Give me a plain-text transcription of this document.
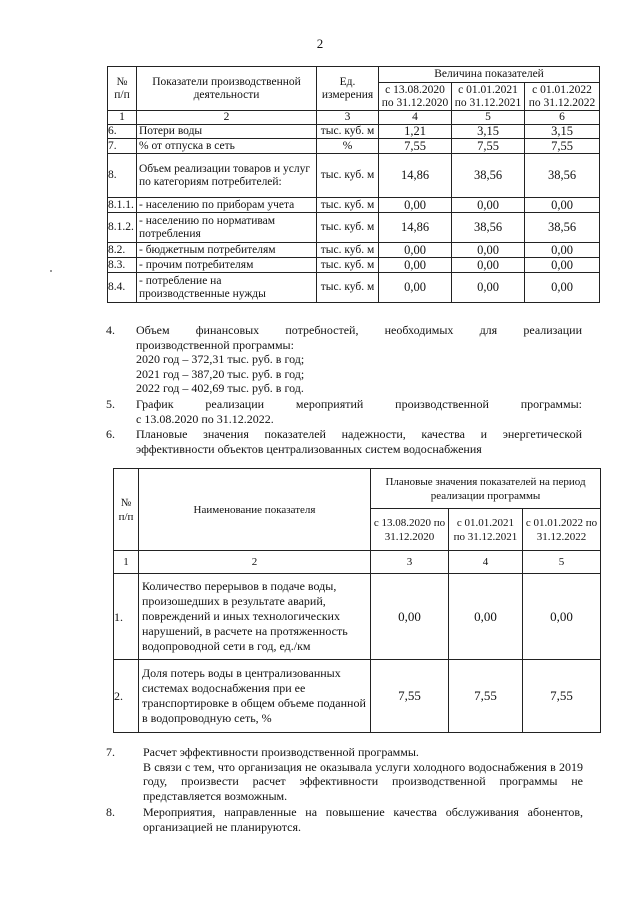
2
№
п/п	Показатели производственной деятельности	Ед. измерения	Величина показателей		
			с 13.08.2020 по 31.12.2020	с 01.01.2021 по 31.12.2021	с 01.01.2022 по 31.12.2022
1	2	3	4	5	6
6.	Потери воды	тыс. куб. м	1,21	3,15	3,15
7.	% от отпуска в сеть	%	7,55	7,55	7,55
8.	Объем реализации товаров и услуг по категориям потребителей:	тыс. куб. м	14,86	38,56	38,56
8.1.1.	- населению по приборам учета	тыс. куб. м	0,00	0,00	0,00
8.1.2.	- населению по нормативам потребления	тыс. куб. м	14,86	38,56	38,56
8.2.	- бюджетным потребителям	тыс. куб. м	0,00	0,00	0,00
8.3.	- прочим потребителям	тыс. куб. м	0,00	0,00	0,00
8.4.	- потребление на производственные нужды	тыс. куб. м	0,00	0,00	0,00
4. Объем финансовых потребностей, необходимых для реализации
производственной программы:
2020 год – 372,31 тыс. руб. в год;
2021 год – 387,20 тыс. руб. в год;
2022 год – 402,69 тыс. руб. в год.
5. График реализации мероприятий производственной программы:
с 13.08.2020 по 31.12.2022.
6. Плановые значения показателей надежности, качества и энергетической
эффективности объектов централизованных систем водоснабжения
№
п/п	Наименование показателя	Плановые значения показателей на период реализации программы		
		с 13.08.2020 по 31.12.2020	с 01.01.2021 по 31.12.2021	с 01.01.2022 по 31.12.2022
1	2	3	4	5
1.	Количество перерывов в подаче воды, произошедших в результате аварий, повреждений и иных технологических нарушений, в расчете на протяженность водопроводной сети в год, ед./км	0,00	0,00	0,00
2.	Доля потерь воды в централизованных системах водоснабжения при ее транспортировке в общем объеме поданной в водопроводную сеть, %	7,55	7,55	7,55
7. Расчет эффективности производственной программы.
В связи с тем, что организация не оказывала услуги холодного водоснабжения в 2019 году, произвести расчет эффективности производственной программы не представляется возможным.
8. Мероприятия, направленные на повышение качества обслуживания абонентов, организацией не планируются.
